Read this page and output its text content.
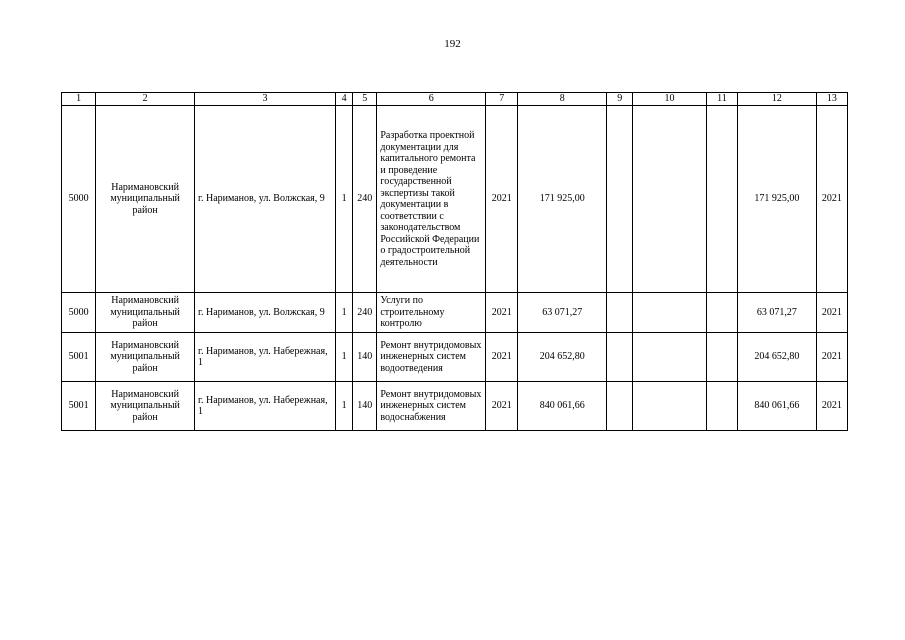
192
1	2	3	4	5	6	7	8	9	10	11	12	13
5000	Наримановский муниципальный район	г. Нариманов, ул. Волжская, 9	1	240	Разработка проектной документации для капитального ремонта и проведение государственной экспертизы такой документации в соответствии с законодательством Российской Федерации о градостроительной деятельности	2021	171 925,00				171 925,00	2021
5000	Наримановский муниципальный район	г. Нариманов, ул. Волжская, 9	1	240	Услуги по строительному контролю	2021	63 071,27				63 071,27	2021
5001	Наримановский муниципальный район	г. Нариманов, ул. Набережная, 1	1	140	Ремонт внутридомовых инженерных систем водоотведения	2021	204 652,80				204 652,80	2021
5001	Наримановский муниципальный район	г. Нариманов, ул. Набережная, 1	1	140	Ремонт внутридомовых инженерных систем водоснабжения	2021	840 061,66				840 061,66	2021
